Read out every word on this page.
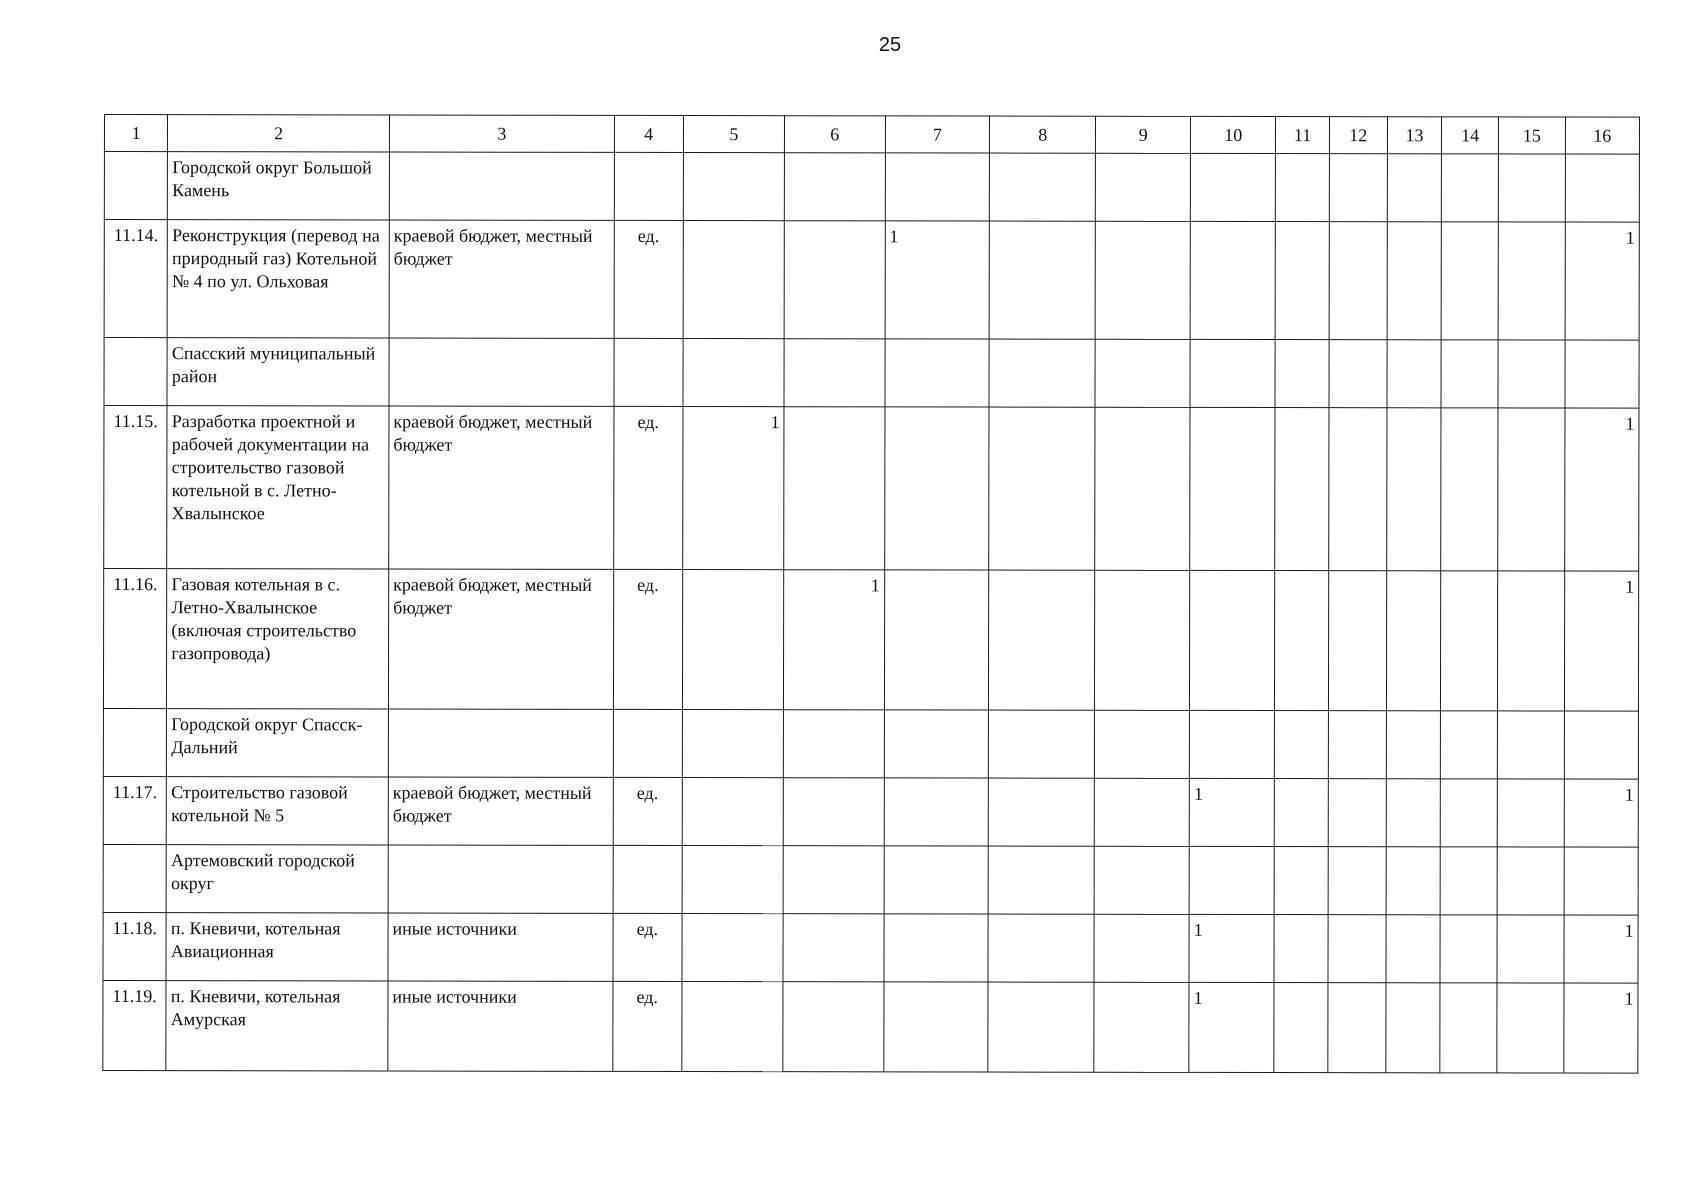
25
1	2	3	4	5	6	7	8	9	10	11	12	13	14	15	16
	Городской округ Большой Камень														
11.14.	Реконструкция (перевод на природный газ) Котельной № 4 по ул. Ольховая	краевой бюджет, местный бюджет	ед.			1									1
	Спасский муниципальный район														
11.15.	Разработка проектной и рабочей документации на строительство газовой котельной в с. Летно-Хвалынское	краевой бюджет, местный бюджет	ед.	1											1
11.16.	Газовая котельная в с. Летно-Хвалынское (включая строительство газопровода)	краевой бюджет, местный бюджет	ед.		1										1
	Городской округ Спасск-Дальний														
11.17.	Строительство газовой котельной № 5	краевой бюджет, местный бюджет	ед.						1						1
	Артемовский городской округ														
11.18.	п. Кневичи, котельная Авиационная	иные источники	ед.						1						1
11.19.	п. Кневичи, котельная Амурская	иные источники	ед.						1						1
